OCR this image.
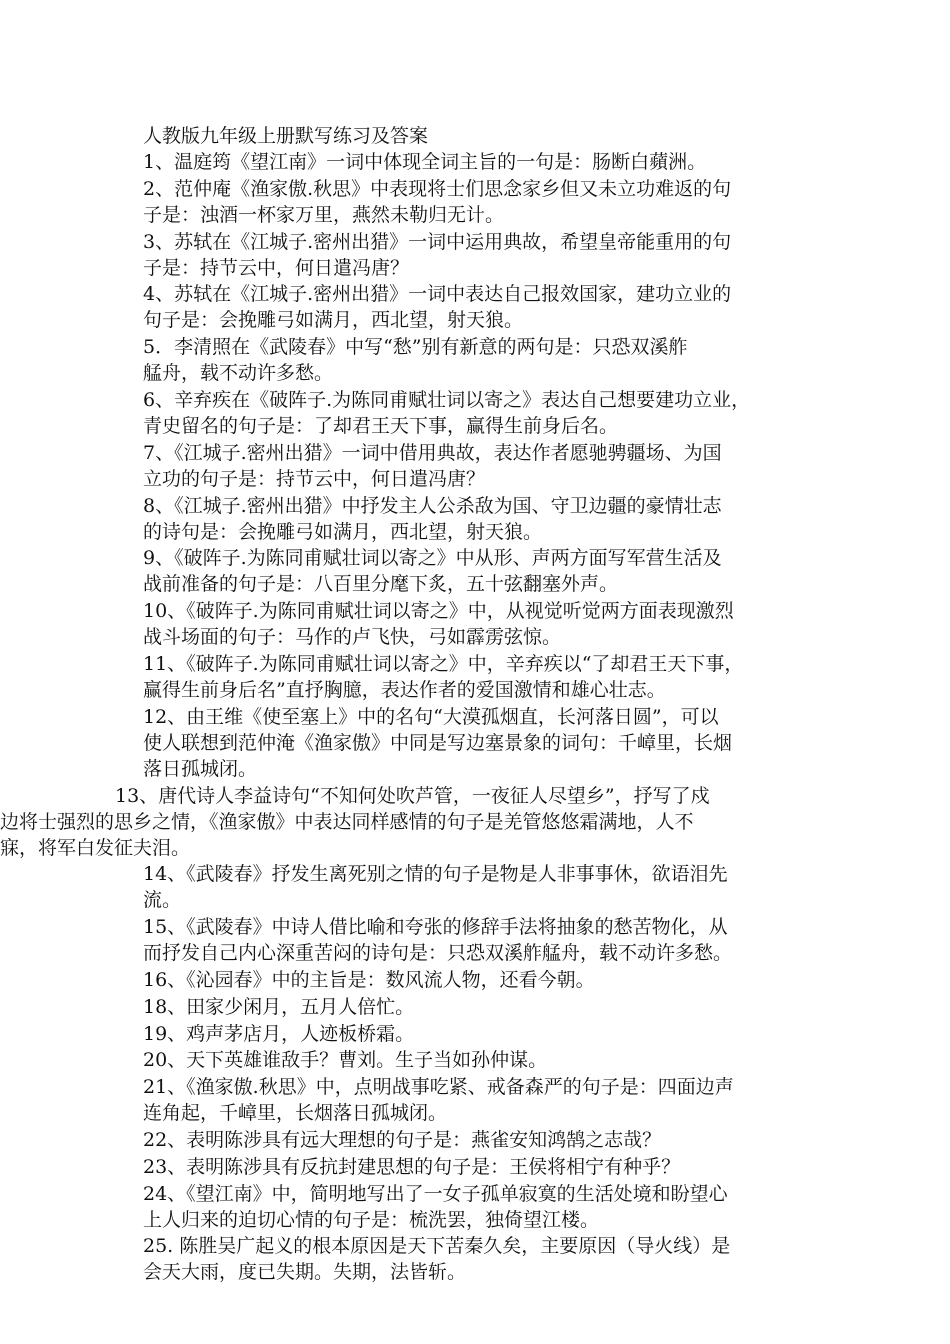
人教版九年级上册默写练习及答案
1、温庭筠《望江南》一词中体现全词主旨的一句是：肠断白蘋洲。
2、范仲庵《渔家傲.秋思》中表现将士们思念家乡但又未立功难返的句
子是：浊酒一杯家万里，燕然未勒归无计。
3、苏轼在《江城子.密州出猎》一词中运用典故，希望皇帝能重用的句
子是：持节云中，何日遣冯唐？
4、苏轼在《江城子.密州出猎》一词中表达自己报效国家，建功立业的
句子是：会挽雕弓如满月，西北望，射天狼。
5．李清照在《武陵春》中写“愁”别有新意的两句是：只恐双溪舴
艋舟，载不动许多愁。
6、辛弃疾在《破阵子.为陈同甫赋壮词以寄之》表达自己想要建功立业，
青史留名的句子是：了却君王天下事，赢得生前身后名。
7、《江城子.密州出猎》一词中借用典故，表达作者愿驰骋疆场、为国
立功的句子是：持节云中，何日遣冯唐？
8、《江城子.密州出猎》中抒发主人公杀敌为国、守卫边疆的豪情壮志
的诗句是：会挽雕弓如满月，西北望，射天狼。
9、《破阵子.为陈同甫赋壮词以寄之》中从形、声两方面写军营生活及
战前准备的句子是：八百里分麾下炙，五十弦翻塞外声。
10、《破阵子.为陈同甫赋壮词以寄之》中，从视觉听觉两方面表现激烈
战斗场面的句子：马作的卢飞快，弓如霹雳弦惊。
11、《破阵子.为陈同甫赋壮词以寄之》中，辛弃疾以“了却君王天下事，
赢得生前身后名”直抒胸臆，表达作者的爱国激情和雄心壮志。
12、由王维《使至塞上》中的名句“大漠孤烟直，长河落日圆”，可以
使人联想到范仲淹《渔家傲》中同是写边塞景象的词句：千嶂里，长烟
落日孤城闭。
13、唐代诗人李益诗句“不知何处吹芦管，一夜征人尽望乡”，抒写了戍
边将士强烈的思乡之情，《渔家傲》中表达同样感情的句子是羌管悠悠霜满地，人不
寐，将军白发征夫泪。
14、《武陵春》抒发生离死别之情的句子是物是人非事事休，欲语泪先
流。
15、《武陵春》中诗人借比喻和夸张的修辞手法将抽象的愁苦物化，从
而抒发自己内心深重苦闷的诗句是：只恐双溪舴艋舟，载不动许多愁。
16、《沁园春》中的主旨是：数风流人物，还看今朝。
18、田家少闲月，五月人倍忙。
19、鸡声茅店月，人迹板桥霜。
20、天下英雄谁敌手？曹刘。生子当如孙仲谋。
21、《渔家傲.秋思》中，点明战事吃紧、戒备森严的句子是：四面边声
连角起，千嶂里，长烟落日孤城闭。
22、表明陈涉具有远大理想的句子是：燕雀安知鸿鹄之志哉？
23、表明陈涉具有反抗封建思想的句子是：王侯将相宁有种乎？
24、《望江南》中，简明地写出了一女子孤单寂寞的生活处境和盼望心
上人归来的迫切心情的句子是：梳洗罢，独倚望江楼。
25. 陈胜吴广起义的根本原因是天下苦秦久矣，主要原因（导火线）是
会天大雨，度已失期。失期，法皆斩。
